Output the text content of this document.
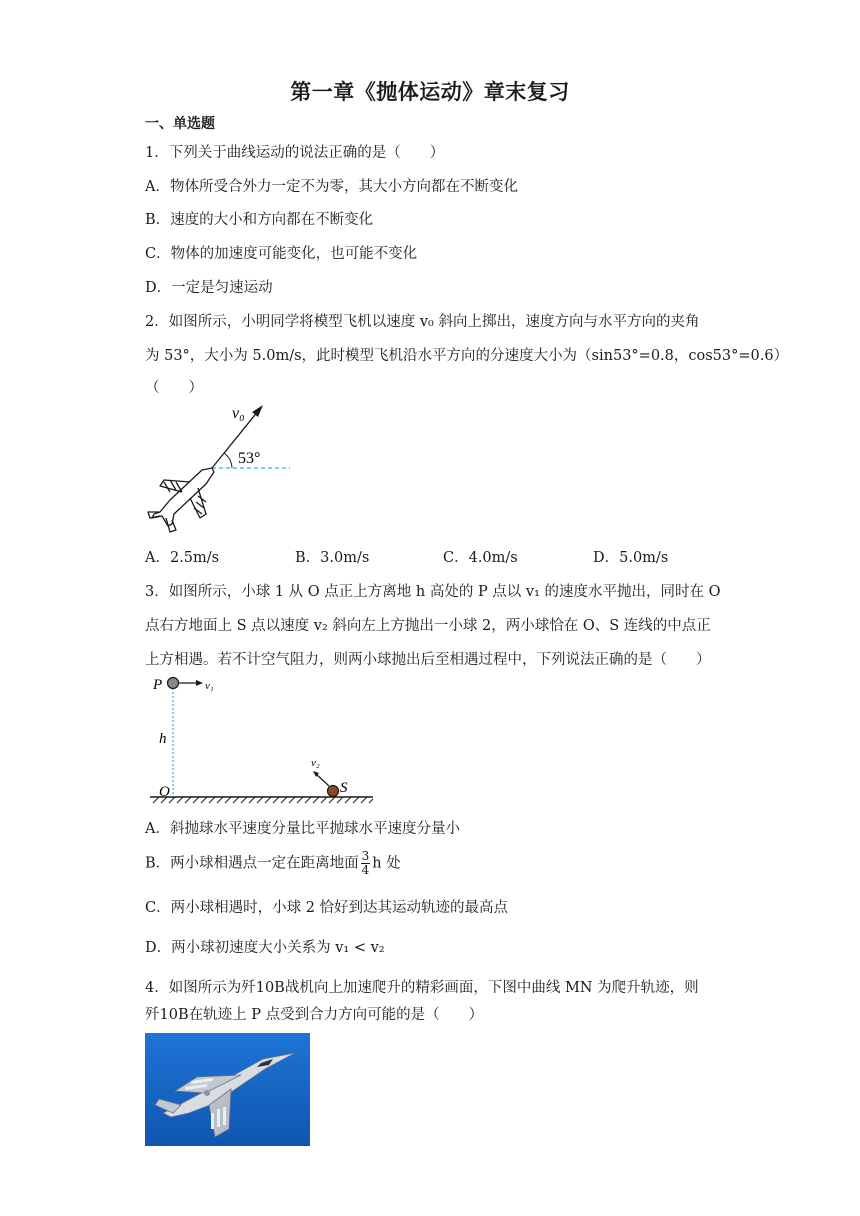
第一章《抛体运动》章末复习
一、单选题
1．下列关于曲线运动的说法正确的是（　　）
A．物体所受合外力一定不为零，其大小方向都在不断变化
B．速度的大小和方向都在不断变化
C．物体的加速度可能变化，也可能不变化
D．一定是匀速运动
2．如图所示，小明同学将模型飞机以速度 v₀ 斜向上掷出，速度方向与水平方向的夹角
为 53°，大小为 5.0m/s，此时模型飞机沿水平方向的分速度大小为（sin53°=0.8，cos53°=0.6）
（　　）
v₀
53°
A．2.5m/s	B．3.0m/s	C．4.0m/s	D．5.0m/s
3．如图所示，小球 1 从 O 点正上方离地 h 高处的 P 点以 v₁ 的速度水平抛出，同时在 O
点右方地面上 S 点以速度 v₂ 斜向左上方抛出一小球 2，两小球恰在 O、S 连线的中点正
上方相遇。若不计空气阻力，则两小球抛出后至相遇过程中，下列说法正确的是（　　）
P	v₁
h
v₂
O	S
A．斜抛球水平速度分量比平抛球水平速度分量小
B．两小球相遇点一定在距离地面 $\frac{3}{4}$ h 处
C．两小球相遇时，小球 2 恰好到达其运动轨迹的最高点
D．两小球初速度大小关系为 v₁ < v₂
4．如图所示为歼10B战机向上加速爬升的精彩画面，下图中曲线 MN 为爬升轨迹，则
歼10B在轨迹上 P 点受到合力方向可能的是（　　）
